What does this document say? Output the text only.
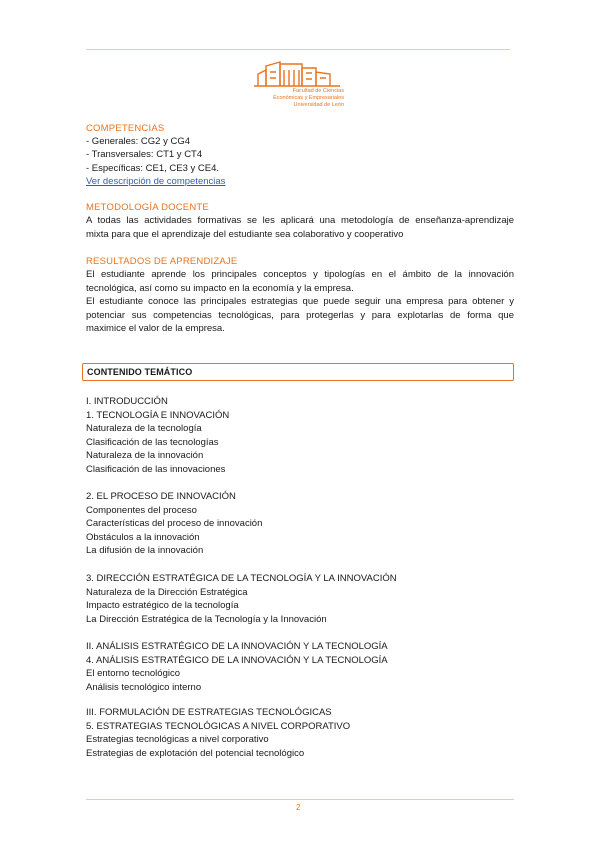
Facultad de Ciencias
Económicas y Empresariales
Universidad de León
COMPETENCIAS
- Generales: CG2 y CG4
- Transversales: CT1 y CT4
- Específicas: CE1, CE3 y CE4.
Ver descripción de competencias
METODOLOGÍA DOCENTE
A todas las actividades formativas se les aplicará una metodología de enseñanza-aprendizaje
mixta para que el aprendizaje del estudiante sea colaborativo y cooperativo
RESULTADOS DE APRENDIZAJE
El estudiante aprende los principales conceptos y tipologías en el ámbito de la innovación
tecnológica, así como su impacto en la economía y la empresa.
El estudiante conoce las principales estrategias que puede seguir una empresa para obtener y
potenciar sus competencias tecnológicas, para protegerlas y para explotarlas de forma que
maximice el valor de la empresa.
CONTENIDO TEMÁTICO
I. INTRODUCCIÓN
1. TECNOLOGÍA E INNOVACIÓN
Naturaleza de la tecnología
Clasificación de las tecnologías
Naturaleza de la innovación
Clasificación de las innovaciones
2. EL PROCESO DE INNOVACIÓN
Componentes del proceso
Características del proceso de innovación
Obstáculos a la innovación
La difusión de la innovación
3. DIRECCIÓN ESTRATÉGICA DE LA TECNOLOGÍA Y LA INNOVACIÓN
Naturaleza de la Dirección Estratégica
Impacto estratégico de la tecnología
La Dirección Estratégica de la Tecnología y la Innovación
II. ANÁLISIS ESTRATÉGICO DE LA INNOVACIÓN Y LA TECNOLOGÍA
4. ANÁLISIS ESTRATÉGICO DE LA INNOVACIÓN Y LA TECNOLOGÍA
El entorno tecnológico
Análisis tecnológico interno
III. FORMULACIÓN DE ESTRATEGIAS TECNOLÓGICAS
5. ESTRATEGIAS TECNOLÓGICAS A NIVEL CORPORATIVO
Estrategias tecnológicas a nivel corporativo
Estrategias de explotación del potencial tecnológico
2
